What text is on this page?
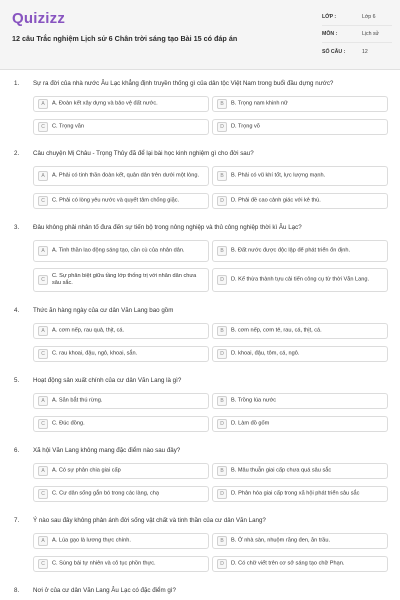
Quizizz
12 câu Trắc nghiệm Lịch sử 6 Chân trời sáng tạo Bài 15 có đáp án
LỚP :	Lớp 6
MÔN :	Lịch sử
SỐ CÂU :	12
1. Sự ra đời của nhà nước Âu Lạc khẳng định truyền thống gì của dân tộc Việt Nam trong buổi đầu dựng nước?
A	A. Đoàn kết xây dựng và bảo vệ đất nước.	B	B. Trọng nam khinh nữ
C	C. Trọng văn	D	D. Trọng võ
2. Câu chuyện Mị Châu - Trọng Thủy đã để lại bài học kinh nghiệm gì cho đời sau?
A	A. Phải có tinh thần đoàn kết, quân dân trên dưới một lòng.	B	B. Phải có vũ khí tốt, lực lượng mạnh.
C	C. Phải có lòng yêu nước và quyết tâm chống giặc.	D	D. Phải đề cao cảnh giác với kẻ thù.
3. Đâu không phải nhân tố đưa đến sự tiến bộ trong nông nghiệp và thủ công nghiệp thời kì Âu Lạc?
A	A. Tinh thần lao động sáng tạo, cần cù của nhân dân.	B	B. Đất nước được độc lập để phát triển ổn định.
C
C. Sự phân biệt giữa tầng lớp thống trị với nhân dân chưa sâu sắc.	D	D. Kế thừa thành tựu cải tiến công cụ từ thời Văn Lang.
4. Thức ăn hàng ngày của cư dân Văn Lang bao gồm
A	A. cơm nếp, rau quả, thịt, cá.	B	B. cơm nếp, cơm tẻ, rau, cá, thịt, cá.
C	C. rau khoai, đậu, ngô, khoai, sắn.	D	D. khoai, đậu, tôm, cá, ngô.
5. Hoạt động sản xuất chính của cư dân Văn Lang là gì?
A	A. Săn bắt thú rừng.	B	B. Trồng lúa nước
C	C. Đúc đồng.	D	D. Làm đồ gốm
6. Xã hội Văn Lang không mang đặc điểm nào sau đây?
A	A. Có sự phân chia giai cấp	B	B. Mâu thuẫn giai cấp chưa quá sâu sắc
C	C. Cư dân sống gắn bó trong các làng, chạ	D	D. Phân hóa giai cấp trong xã hội phát triển sâu sắc
7. Ý nào sau đây không phản ánh đời sống vật chất và tinh thần của cư dân Văn Lang?
A	A. Lúa gạo là lương thực chính.	B	B. Ở nhà sàn, nhuộm răng đen, ăn trầu.
C	C. Sùng bái tự nhiên và cỏ tục phồn thực.	D	D. Có chữ viết trên cơ sở sáng tạo chữ Phạn.
8. Nơi ở của cư dân Văn Lang Âu Lạc có đặc điểm gì?
